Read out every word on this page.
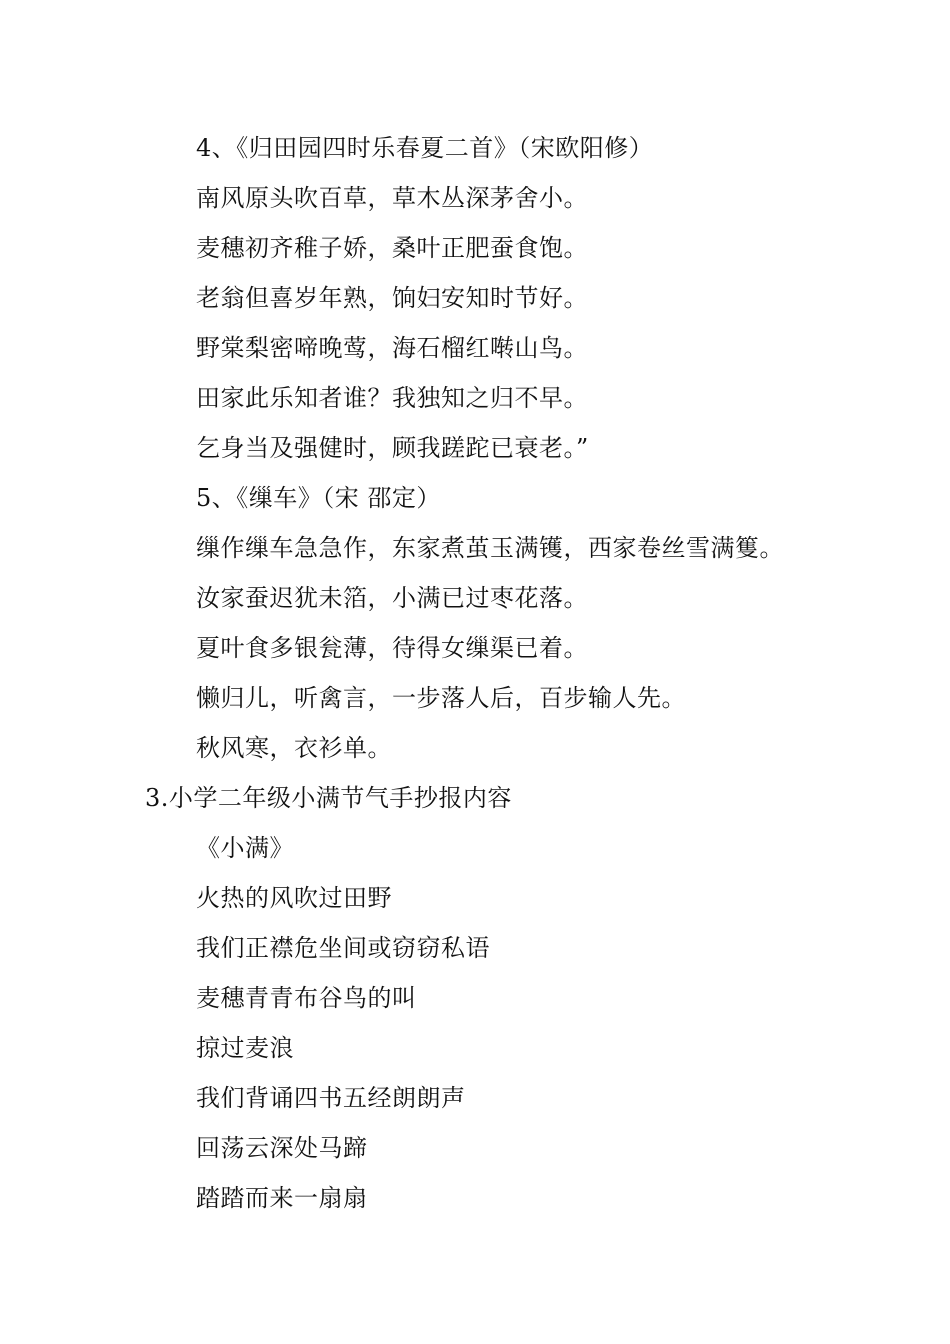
4、《归田园四时乐春夏二首》（宋欧阳修）
南风原头吹百草，草木丛深茅舍小。
麦穗初齐稚子娇，桑叶正肥蚕食饱。
老翁但喜岁年熟，饷妇安知时节好。
野棠梨密啼晚莺，海石榴红啭山鸟。
田家此乐知者谁？我独知之归不早。
乞身当及强健时，顾我蹉跎已衰老。”
5、《缫车》（宋 邵定）
缫作缫车急急作，东家煮茧玉满镬，西家卷丝雪满篗。
汝家蚕迟犹未箔，小满已过枣花落。
夏叶食多银瓮薄，待得女缫渠已着。
懒归儿，听禽言，一步落人后，百步输人先。
秋风寒，衣衫单。
3.小学二年级小满节气手抄报内容
《小满》
火热的风吹过田野
我们正襟危坐间或窃窃私语
麦穗青青布谷鸟的叫
掠过麦浪
我们背诵四书五经朗朗声
回荡云深处马蹄
踏踏而来一扇扇
